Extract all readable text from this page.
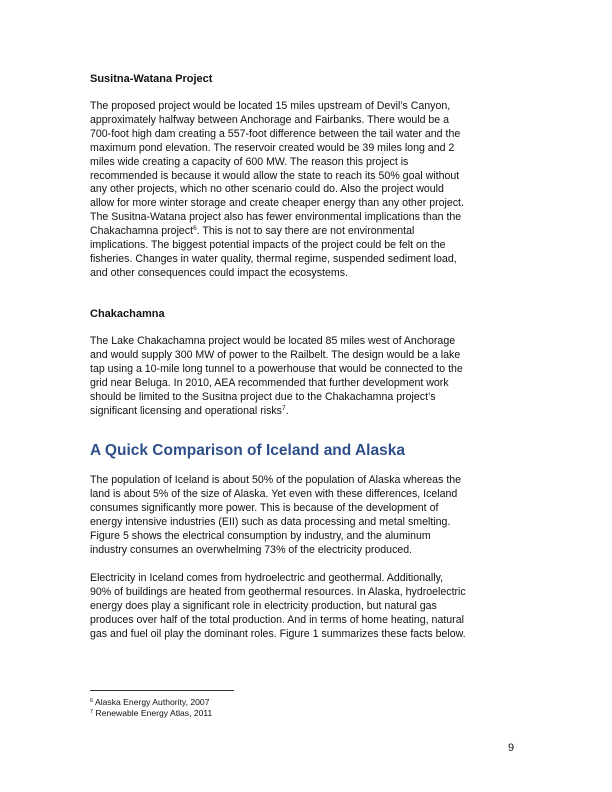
Susitna-Watana Project
The proposed project would be located 15 miles upstream of Devil’s Canyon,
approximately halfway between Anchorage and Fairbanks. There would be a
700-foot high dam creating a 557-foot difference between the tail water and the
maximum pond elevation. The reservoir created would be 39 miles long and 2
miles wide creating a capacity of 600 MW. The reason this project is
recommended is because it would allow the state to reach its 50% goal without
any other projects, which no other scenario could do. Also the project would
allow for more winter storage and create cheaper energy than any other project.
The Susitna-Watana project also has fewer environmental implications than the
Chakachamna project$^6$. This is not to say there are not environmental
implications. The biggest potential impacts of the project could be felt on the
fisheries. Changes in water quality, thermal regime, suspended sediment load,
and other consequences could impact the ecosystems.
Chakachamna
The Lake Chakachamna project would be located 85 miles west of Anchorage
and would supply 300 MW of power to the Railbelt. The design would be a lake
tap using a 10-mile long tunnel to a powerhouse that would be connected to the
grid near Beluga. In 2010, AEA recommended that further development work
should be limited to the Susitna project due to the Chakachamna project’s
significant licensing and operational risks$^7$.
A Quick Comparison of Iceland and Alaska
The population of Iceland is about 50% of the population of Alaska whereas the
land is about 5% of the size of Alaska. Yet even with these differences, Iceland
consumes significantly more power. This is because of the development of
energy intensive industries (EII) such as data processing and metal smelting.
Figure 5 shows the electrical consumption by industry, and the aluminum
industry consumes an overwhelming 73% of the electricity produced.
Electricity in Iceland comes from hydroelectric and geothermal. Additionally,
90% of buildings are heated from geothermal resources. In Alaska, hydroelectric
energy does play a significant role in electricity production, but natural gas
produces over half of the total production. And in terms of home heating, natural
gas and fuel oil play the dominant roles. Figure 1 summarizes these facts below.
$^6$ Alaska Energy Authority, 2007
$^7$ Renewable Energy Atlas, 2011
9
